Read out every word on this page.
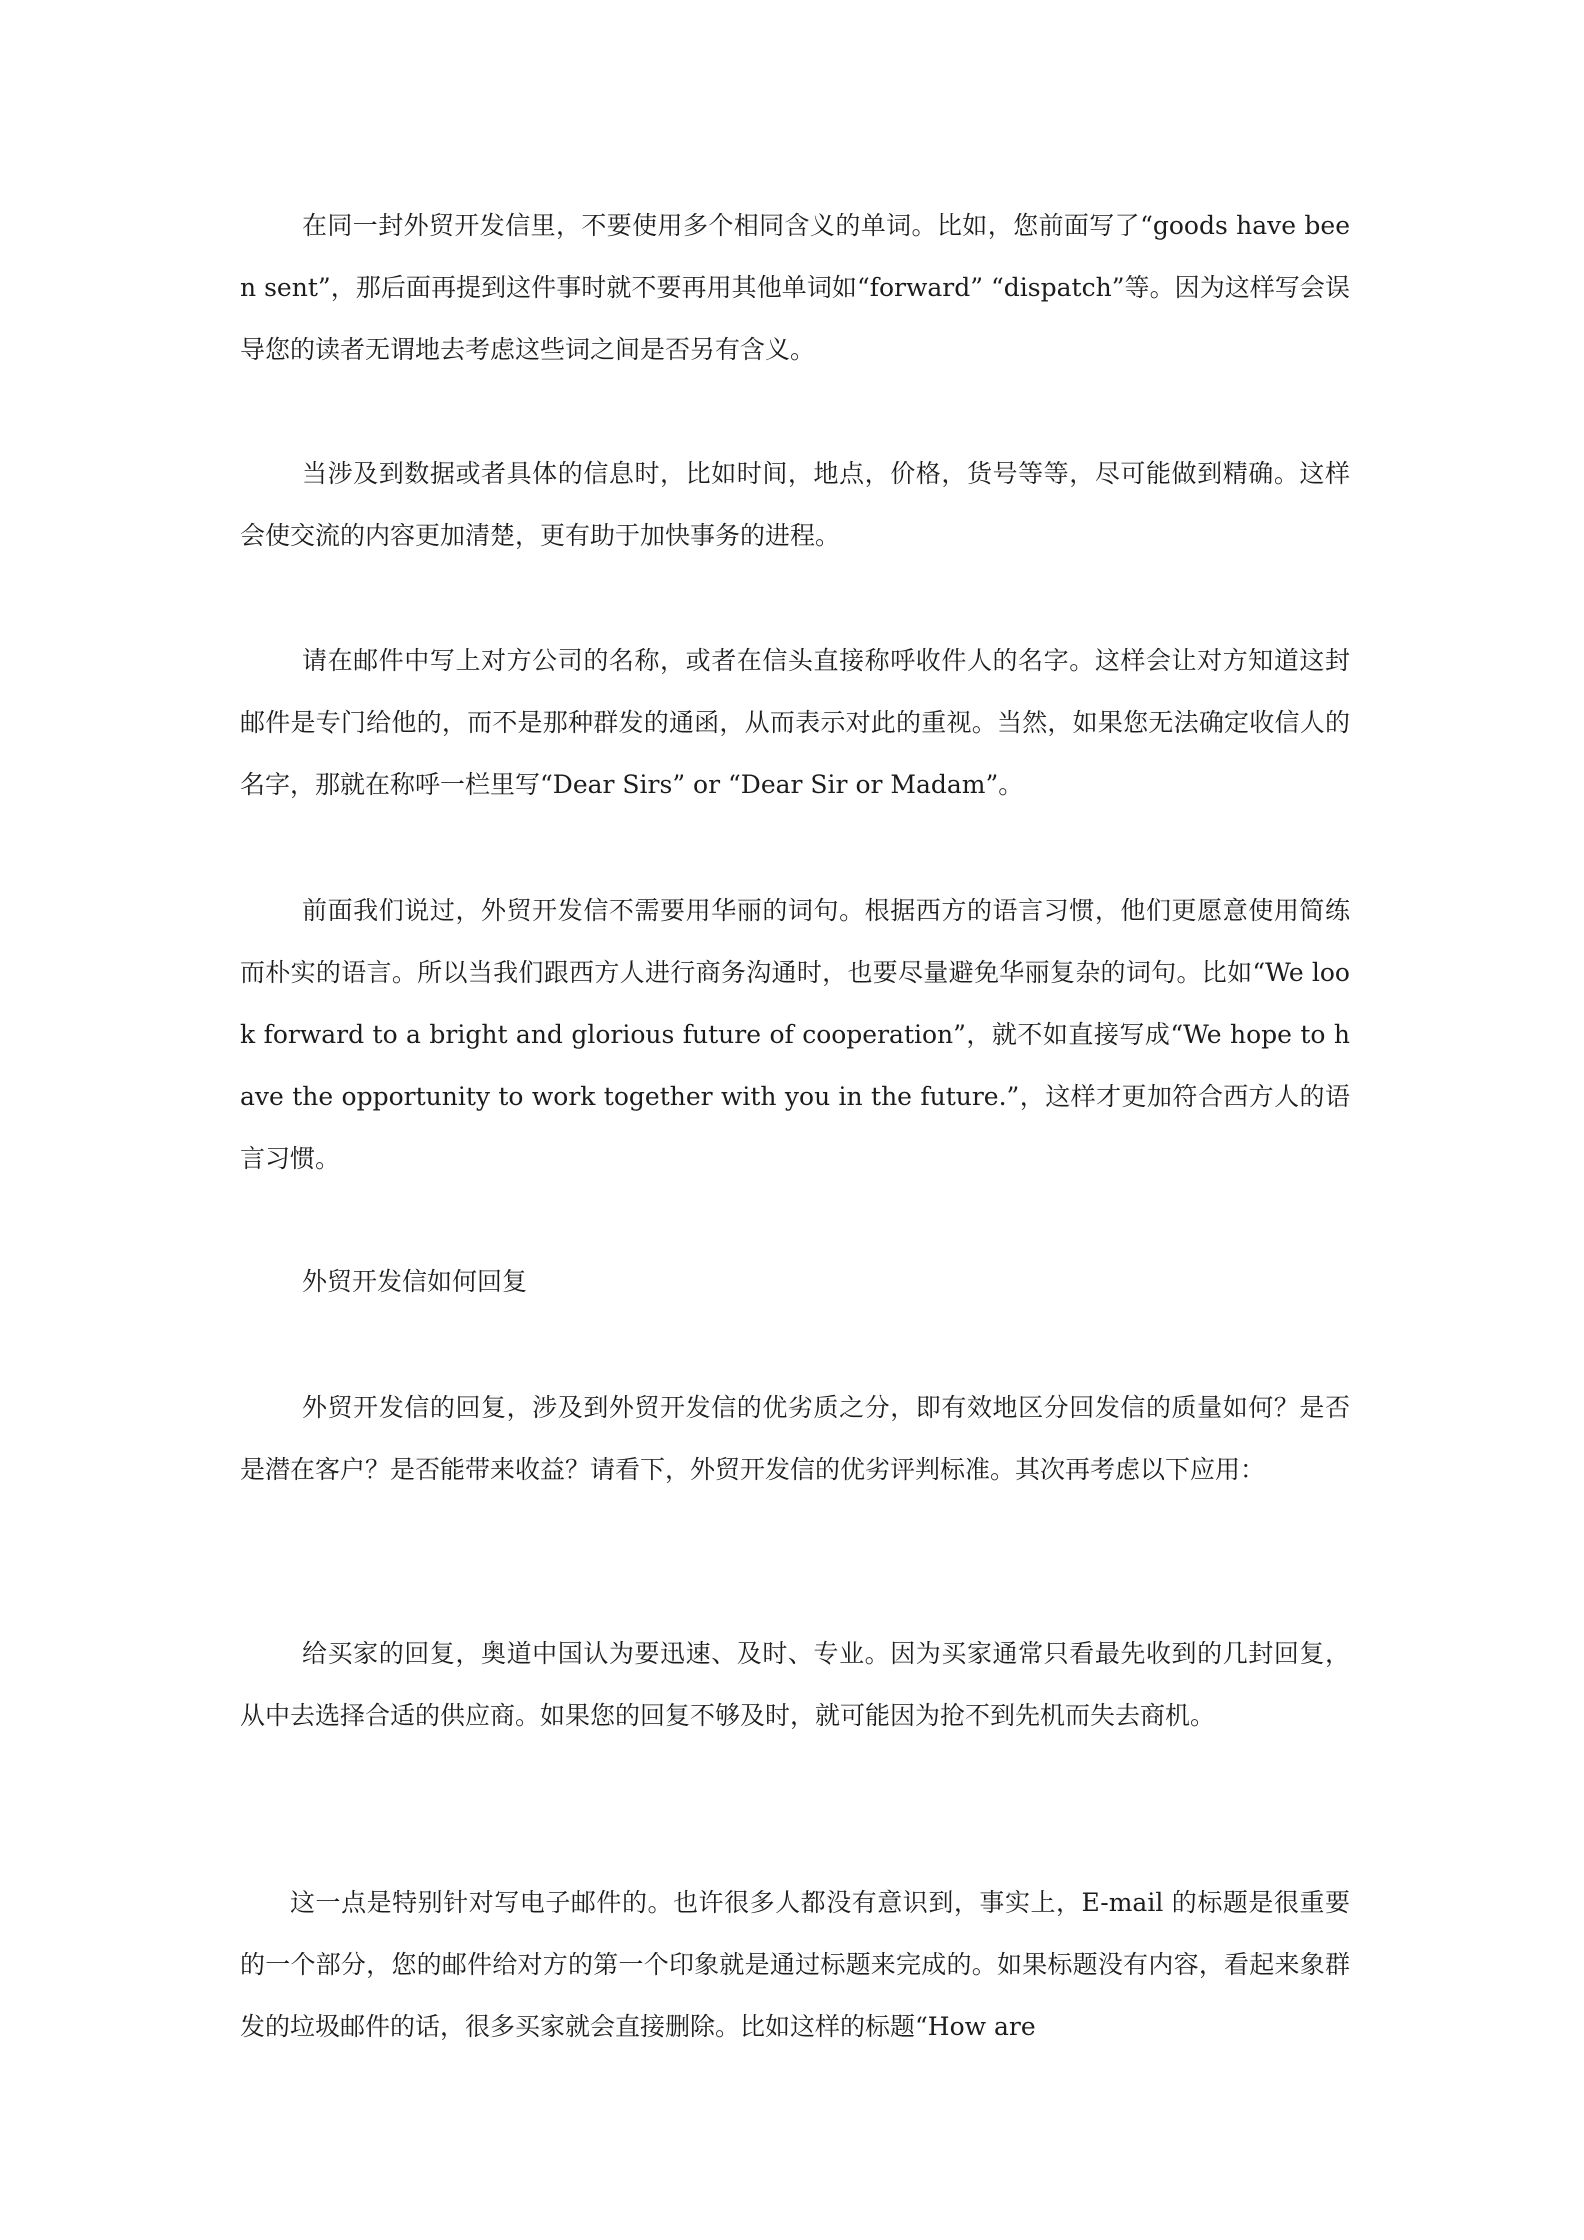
在同一封外贸开发信里，不要使用多个相同含义的单词。比如，您前面写了“goods have been sent”，那后面再提到这件事时就不要再用其他单词如“forward” “dispatch”等。因为这样写会误导您的读者无谓地去考虑这些词之间是否另有含义。

当涉及到数据或者具体的信息时，比如时间，地点，价格，货号等等，尽可能做到精确。这样会使交流的内容更加清楚，更有助于加快事务的进程。

请在邮件中写上对方公司的名称，或者在信头直接称呼收件人的名字。这样会让对方知道这封邮件是专门给他的，而不是那种群发的通函，从而表示对此的重视。当然，如果您无法确定收信人的名字，那就在称呼一栏里写“Dear Sirs” or “Dear Sir or Madam”。

前面我们说过，外贸开发信不需要用华丽的词句。根据西方的语言习惯，他们更愿意使用简练而朴实的语言。所以当我们跟西方人进行商务沟通时，也要尽量避免华丽复杂的词句。比如“We look forward to a bright and glorious future of cooperation”，就不如直接写成“We hope to have the opportunity to work together with you in the future.”，这样才更加符合西方人的语言习惯。

外贸开发信如何回复

外贸开发信的回复，涉及到外贸开发信的优劣质之分，即有效地区分回发信的质量如何？是否是潜在客户？是否能带来收益？请看下，外贸开发信的优劣评判标准。其次再考虑以下应用：

给买家的回复，奥道中国认为要迅速、及时、专业。因为买家通常只看最先收到的几封回复，从中去选择合适的供应商。如果您的回复不够及时，就可能因为抢不到先机而失去商机。

这一点是特别针对写电子邮件的。也许很多人都没有意识到，事实上，E-mail 的标题是很重要的一个部分，您的邮件给对方的第一个印象就是通过标题来完成的。如果标题没有内容，看起来象群发的垃圾邮件的话，很多买家就会直接删除。比如这样的标题“How are
